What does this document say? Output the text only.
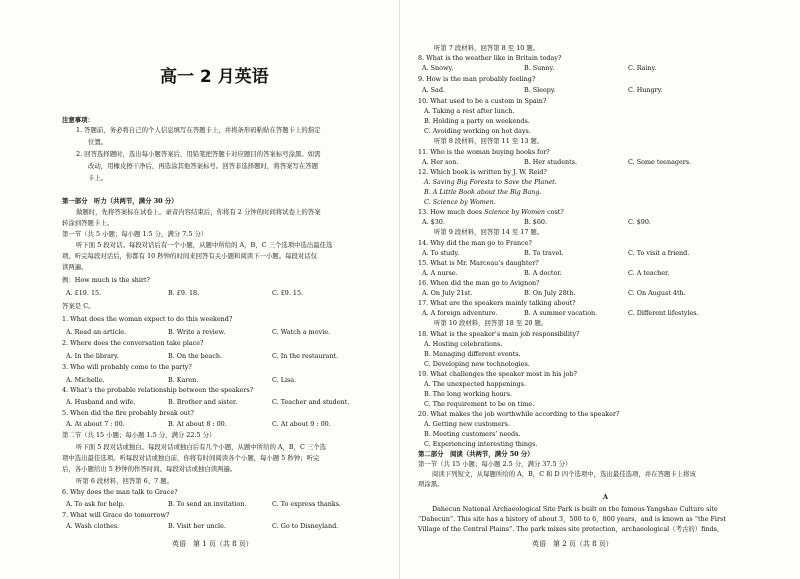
高一 2 月英语
注意事项：
1. 答题前，务必将自己的个人信息填写在答题卡上，并将条形码粘贴在答题卡上的指定
位置。
2. 回答选择题时，选出每小题答案后，用铅笔把答题卡对应题目的答案标号涂黑。如需
改动，用橡皮擦干净后，再选涂其他答案标号。回答非选择题时，将答案写在答题
卡上。
第一部分　听力（共两节，满分 30 分）
做题时，先将答案标在试卷上。录音内容结束后，你将有 2 分钟的时间将试卷上的答案
转涂到答题卡上。
第一节（共 5 小题；每小题 1.5 分，满分 7.5 分）
听下面 5 段对话。每段对话后有一个小题，从题中所给的 A，B，C 三个选项中选出最佳选
项。听完每段对话后，你都有 10 秒钟的时间来回答有关小题和阅读下一小题。每段对话仅
读两遍。
例：How much is the shirt?
A. £19. 15.	B. £9. 18.	C. £9. 15.
答案是 C。
1. What does the woman expect to do this weekend?
A. Read an article.	B. Write a review.	C. Watch a movie.
2. Where does the conversation take place?
A. In the library.	B. On the beach.	C. In the restaurant.
3. Who will probably come to the party?
A. Michelle.	B. Karen.	C. Lisa.
4. What’s the probable relationship between the speakers?
A. Husband and wife.	B. Brother and sister.	C. Teacher and student.
5. When did the fire probably break out?
A. At about 7 : 00.	B. At about 8 : 00.	C. At about 9 : 00.
第二节（共 15 小题；每小题 1.5 分，满分 22.5 分）
听下面 5 段对话或独白。每段对话或独白后有几个小题，从题中所给的 A，B，C 三个选
项中选出最佳选项。听每段对话或独白前，你将有时间阅读各个小题，每小题 5 秒钟；听完
后，各小题给出 5 秒钟的作答时间。每段对话或独白读两遍。
听第 6 段材料，回答第 6、7 题。
6. Why does the man talk to Grace?
A. To ask for help.	B. To send an invitation.	C. To express thanks.
7. What will Grace do tomorrow?
A. Wash clothes.	B. Visit her uncle.	C. Go to Disneyland.
英语　第 1 页（共 8 页）
听第 7 段材料，回答第 8 至 10 题。
8. What is the weather like in Britain today?
A. Snowy.	B. Sunny.	C. Rainy.
9. How is the man probably feeling?
A. Sad.	B. Sleepy.	C. Hungry.
10. What used to be a custom in Spain?
A. Taking a rest after lunch.
B. Holding a party on weekends.
C. Avoiding working on hot days.
听第 8 段材料，回答第 11 至 13 题。
11. Who is the woman buying books for?
A. Her son.	B. Her students.	C. Some teenagers.
12. Which book is written by J. W. Reid?
A. Saving Big Forests to Save the Planet.
B. A Little Book about the Big Bang.
C. Science by Women.
13. How much does Science by Women cost?
A. $30.	B. $60.	C. $90.
听第 9 段材料，回答第 14 至 17 题。
14. Why did the man go to France?
A. To study.	B. To travel.	C. To visit a friend.
15. What is Mr. Marceau’s daughter?
A. A nurse.	B. A doctor.	C. A teacher.
16. When did the man go to Avignon?
A. On July 21st.	B. On July 28th.	C. On August 4th.
17. What are the speakers mainly talking about?
A. A foreign adventure.	B. A summer vacation.	C. Different lifestyles.
听第 10 段材料，回答第 18 至 20 题。
18. What is the speaker’s main job responsibility?
A. Hosting celebrations.
B. Managing different events.
C. Developing new technologies.
19. What challenges the speaker most in his job?
A. The unexpected happenings.
B. The long working hours.
C. The requirement to be on time.
20. What makes the job worthwhile according to the speaker?
A. Getting new customers.
B. Meeting customers’ needs.
C. Experiencing interesting things.
第二部分　阅读（共两节，满分 50 分）
第一节（共 15 小题；每小题 2.5 分，满分 37.5 分）
阅读下列短文，从每题所给的 A，B，C 和 D 四个选项中，选出最佳选项，并在答题卡上将该
项涂黑。
A
Dahecun National Archaeological Site Park is built on the famous Yangshao Culture site
“Dahecun”. This site has a history of about 3，500 to 6，800 years，and is known as “the First
Village of the Central Plains”. The park mixes site protection，archaeological（考古的）finds，
英语　第 2 页（共 8 页）
